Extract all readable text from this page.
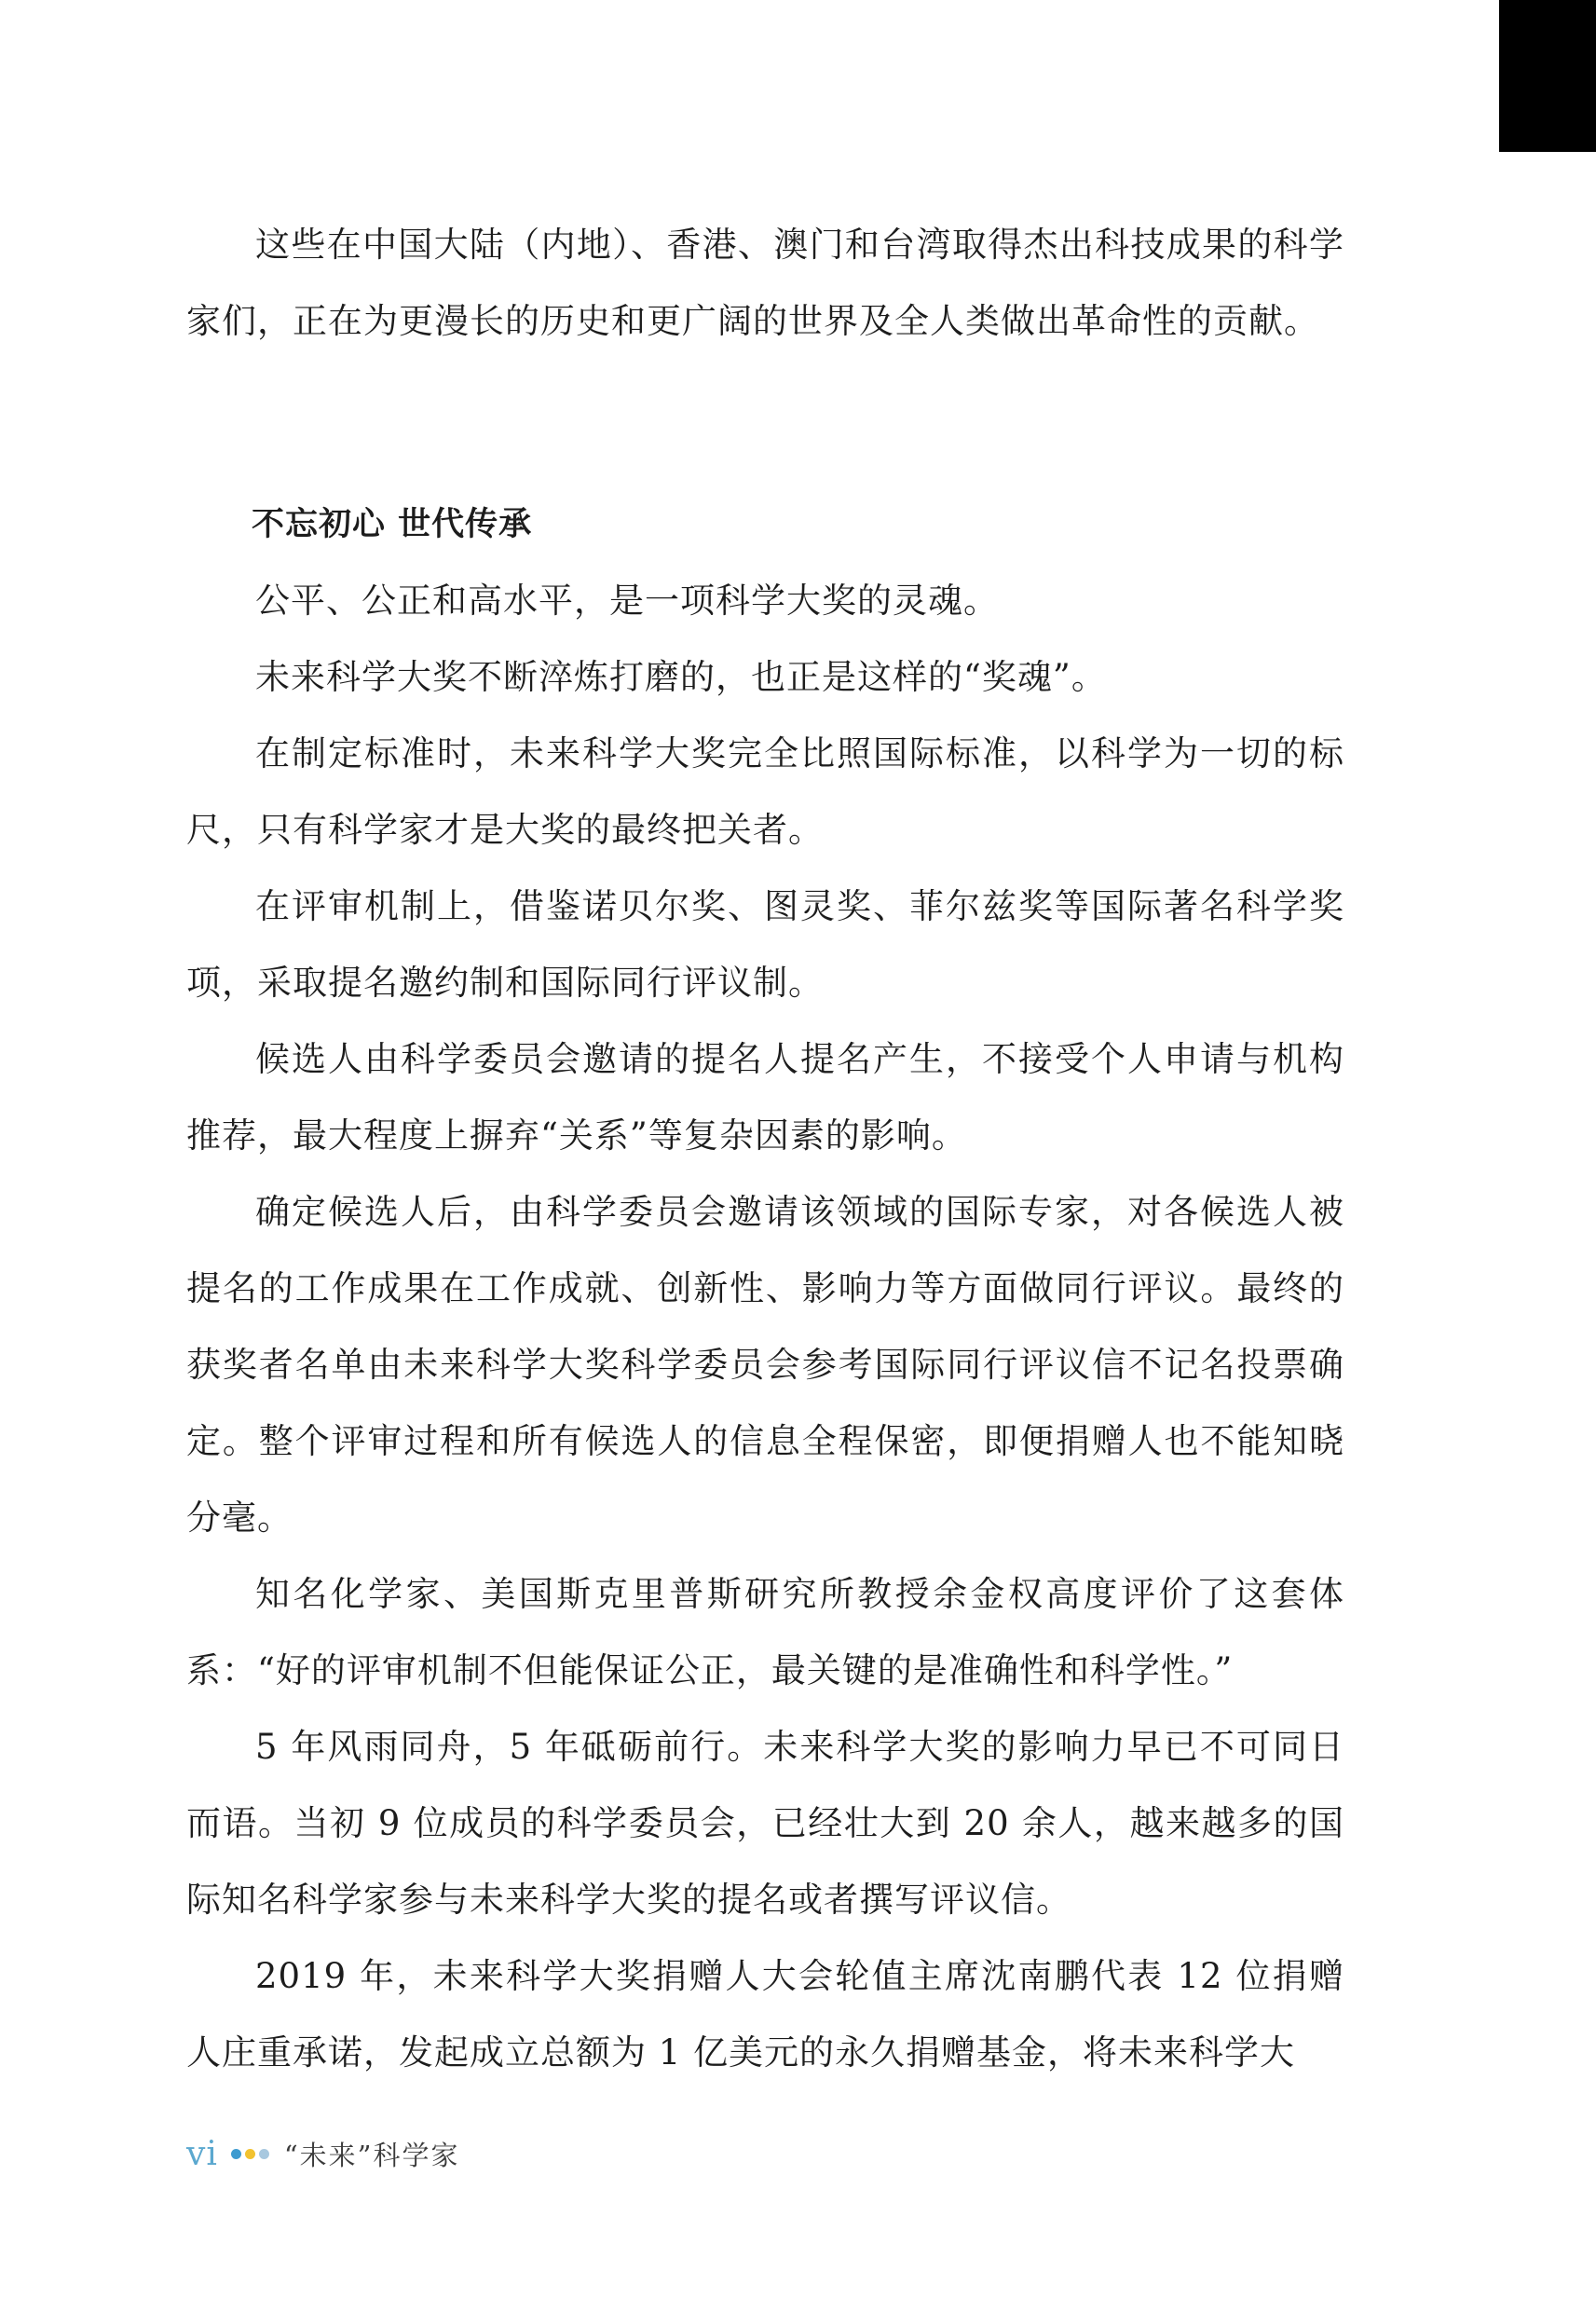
这些在中国大陆（内地）、香港、澳门和台湾取得杰出科技成果的科学家们，正在为更漫长的历史和更广阔的世界及全人类做出革命性的贡献。

不忘初心 世代传承

公平、公正和高水平，是一项科学大奖的灵魂。

未来科学大奖不断淬炼打磨的，也正是这样的“奖魂”。

在制定标准时，未来科学大奖完全比照国际标准，以科学为一切的标尺，只有科学家才是大奖的最终把关者。

在评审机制上，借鉴诺贝尔奖、图灵奖、菲尔兹奖等国际著名科学奖项，采取提名邀约制和国际同行评议制。

候选人由科学委员会邀请的提名人提名产生，不接受个人申请与机构推荐，最大程度上摒弃“关系”等复杂因素的影响。

确定候选人后，由科学委员会邀请该领域的国际专家，对各候选人被提名的工作成果在工作成就、创新性、影响力等方面做同行评议。最终的获奖者名单由未来科学大奖科学委员会参考国际同行评议信不记名投票确定。整个评审过程和所有候选人的信息全程保密，即便捐赠人也不能知晓分毫。

知名化学家、美国斯克里普斯研究所教授余金权高度评价了这套体系：“好的评审机制不但能保证公正，最关键的是准确性和科学性。”

5 年风雨同舟，5 年砥砺前行。未来科学大奖的影响力早已不可同日而语。当初 9 位成员的科学委员会，已经壮大到 20 余人，越来越多的国际知名科学家参与未来科学大奖的提名或者撰写评议信。

2019 年，未来科学大奖捐赠人大会轮值主席沈南鹏代表 12 位捐赠人庄重承诺，发起成立总额为 1 亿美元的永久捐赠基金，将未来科学大

vi “未来”科学家
